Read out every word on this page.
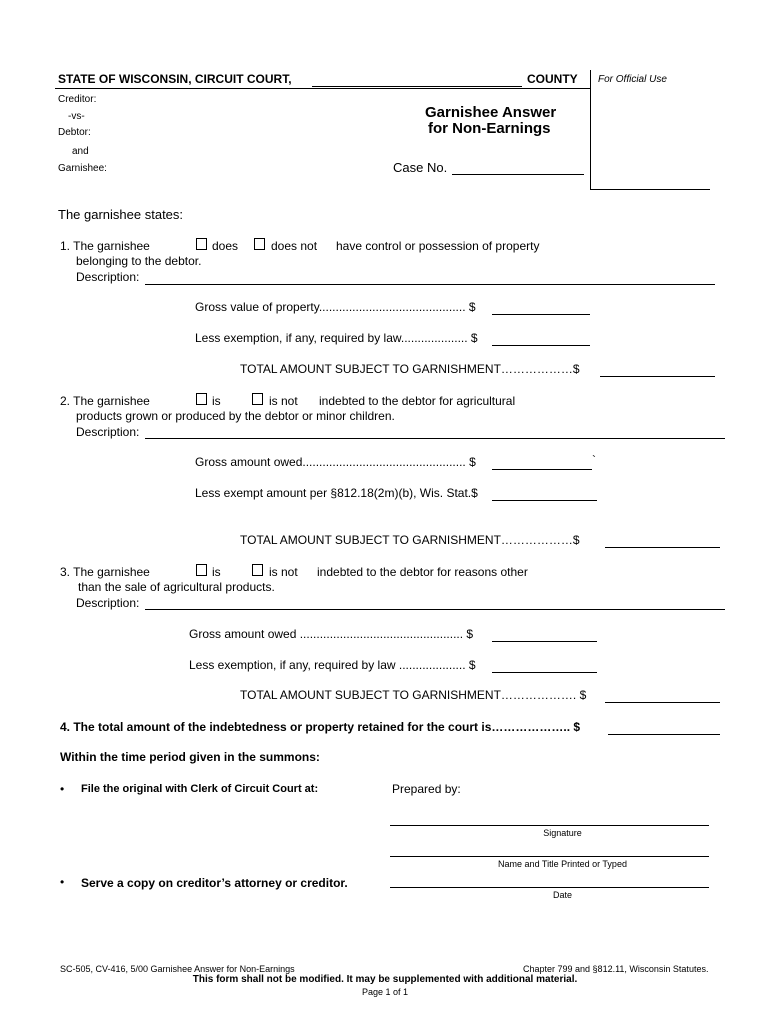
STATE OF WISCONSIN, CIRCUIT COURT,	COUNTY For Official Use
Creditor:
-vs-
Debtor:
and
Garnishee:
Garnishee Answer
for Non-Earnings
Case No.
The garnishee states:
1. The garnishee	does	does not have control or possession of property
belonging to the debtor.
Description:
Gross value of property............................................ $
Less exemption, if any, required by law.................... $
TOTAL AMOUNT SUBJECT TO GARNISHMENT………………$
2. The garnishee	is	is not indebted to the debtor for agricultural
products grown or produced by the debtor or minor children.
Description:
Gross amount owed................................................. $	`
Less exempt amount per §812.18(2m)(b), Wis. Stat.$
TOTAL AMOUNT SUBJECT TO GARNISHMENT………………$
3. The garnishee	is	is not indebted to the debtor for reasons other
than the sale of agricultural products.
Description:
Gross amount owed ................................................. $
Less exemption, if any, required by law .................... $
TOTAL AMOUNT SUBJECT TO GARNISHMENT………………. $
4. The total amount of the indebtedness or property retained for the court is……………….. $
Within the time period given in the summons:
• File the original with Clerk of Circuit Court at:	Prepared by:
Signature
Name and Title Printed or Typed
• Serve a copy on creditor’s attorney or creditor.
Date
SC-505, CV-416, 5/00 Garnishee Answer for Non-Earnings	Chapter 799 and §812.11, Wisconsin Statutes.
This form shall not be modified. It may be supplemented with additional material.
Page 1 of 1
